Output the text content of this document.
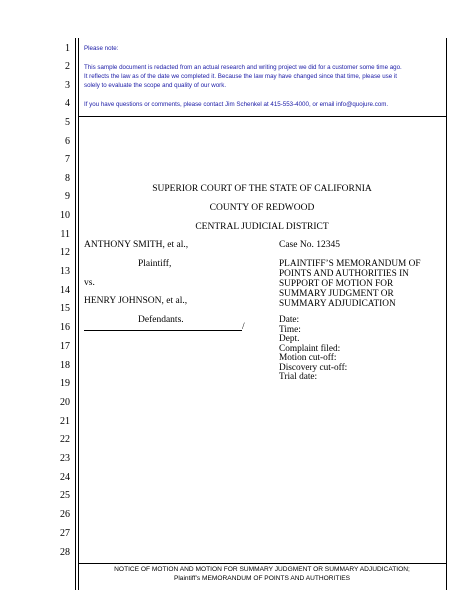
1
2
3
4
5
6
7
8
9
10
11
12
13
14
15
16
17
18
19
20
21
22
23
24
25
26
27
28
Please note:
This sample document is redacted from an actual research and writing project we did for a customer some time ago.
It reflects the law as of the date we completed it. Because the law may have changed since that time, please use it
solely to evaluate the scope and quality of our work.
If you have questions or comments, please contact Jim Schenkel at 415-553-4000, or email info@quojure.com.
SUPERIOR COURT OF THE STATE OF CALIFORNIA
COUNTY OF REDWOOD
CENTRAL JUDICIAL DISTRICT
ANTHONY SMITH, et al.,
Plaintiff,
vs.
HENRY JOHNSON, et al.,
Defendants.
/
Case No. 12345
PLAINTIFF’S MEMORANDUM OF
POINTS AND AUTHORITIES IN
SUPPORT OF MOTION FOR
SUMMARY JUDGMENT OR
SUMMARY ADJUDICATION
Date:
Time:
Dept.
Complaint filed:
Motion cut-off:
Discovery cut-off:
Trial date:
NOTICE OF MOTION AND MOTION FOR SUMMARY JUDGMENT OR SUMMARY ADJUDICATION;
Plaintiff’s MEMORANDUM OF POINTS AND AUTHORITIES
